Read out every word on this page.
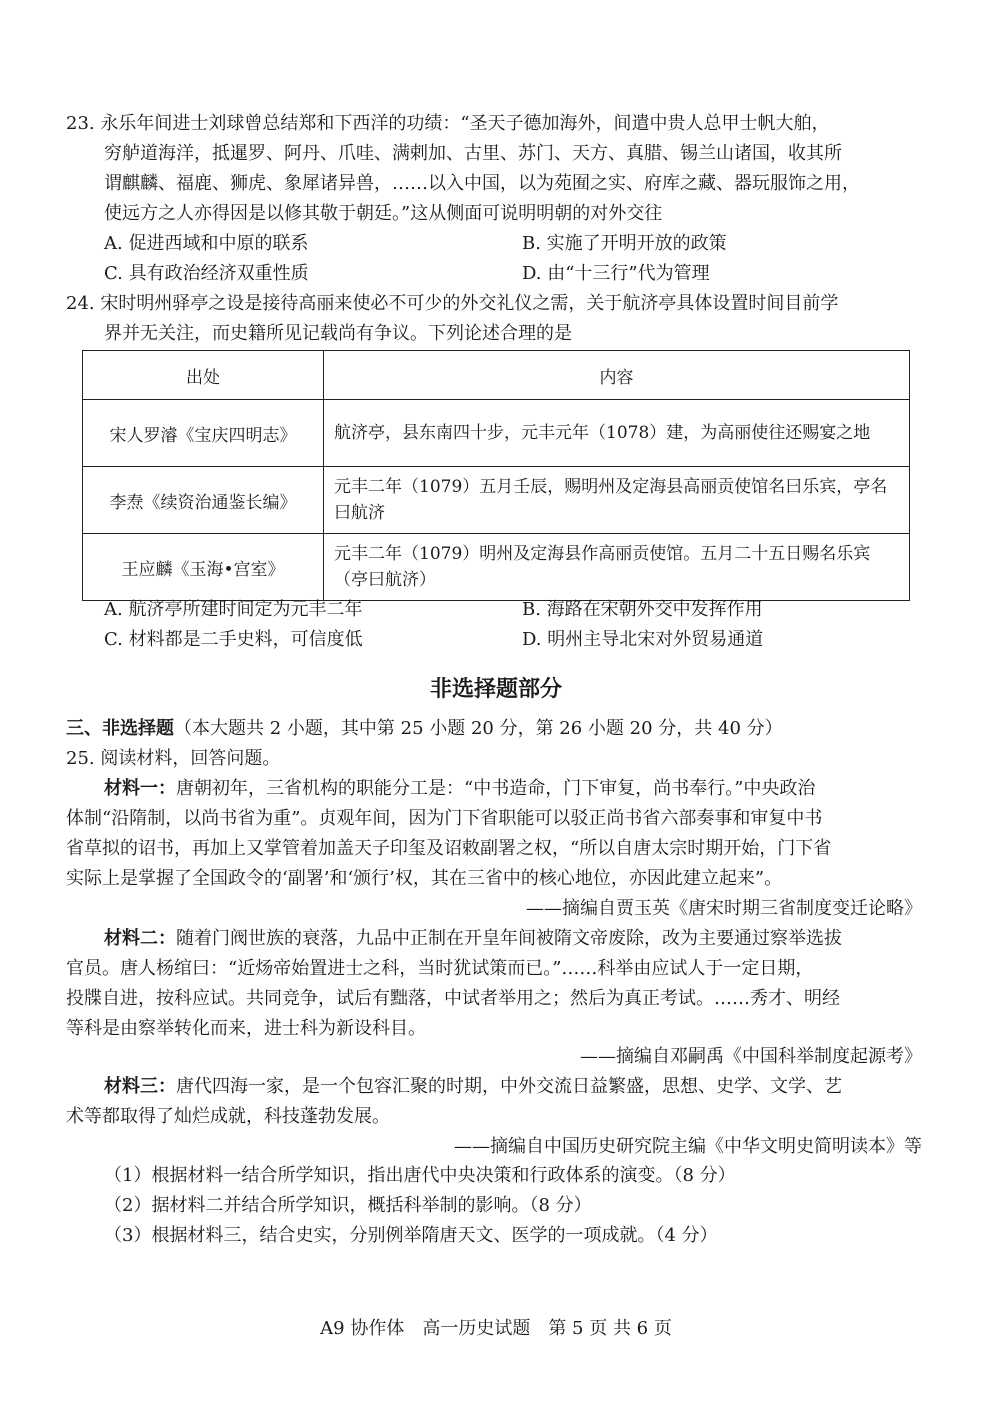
23. 永乐年间进士刘球曾总结郑和下西洋的功绩：“圣天子德加海外，间遣中贵人总甲士帆大舶，
穷舻道海洋，抵暹罗、阿丹、爪哇、满剌加、古里、苏门、天方、真腊、锡兰山诸国，收其所
谓麒麟、福鹿、狮虎、象犀诸异兽，……以入中国，以为苑囿之实、府库之藏、器玩服饰之用，
使远方之人亦得因是以修其敬于朝廷。”这从侧面可说明明朝的对外交往
A. 促进西域和中原的联系	B. 实施了开明开放的政策
C. 具有政治经济双重性质	D. 由“十三行”代为管理
24. 宋时明州驿亭之设是接待高丽来使必不可少的外交礼仪之需，关于航济亭具体设置时间目前学
界并无关注，而史籍所见记载尚有争议。下列论述合理的是
出处	内容
宋人罗濬《宝庆四明志》	航济亭，县东南四十步，元丰元年（1078）建，为高丽使往还赐宴之地
李焘《续资治通鉴长编》	元丰二年（1079）五月壬辰，赐明州及定海县高丽贡使馆名曰乐宾，亭名曰航济
王应麟《玉海•宫室》	元丰二年（1079）明州及定海县作高丽贡使馆。五月二十五日赐名乐宾（亭曰航济）
A. 航济亭所建时间定为元丰二年	B. 海路在宋朝外交中发挥作用
C. 材料都是二手史料，可信度低	D. 明州主导北宋对外贸易通道
非选择题部分
三、非选择题（本大题共 2 小题，其中第 25 小题 20 分，第 26 小题 20 分，共 40 分）
25. 阅读材料，回答问题。
材料一：唐朝初年，三省机构的职能分工是：“中书造命，门下审复，尚书奉行。”中央政治
体制“沿隋制，以尚书省为重”。贞观年间，因为门下省职能可以驳正尚书省六部奏事和审复中书
省草拟的诏书，再加上又掌管着加盖天子印玺及诏敕副署之权，“所以自唐太宗时期开始，门下省
实际上是掌握了全国政令的‘副署’和‘颁行’权，其在三省中的核心地位，亦因此建立起来”。
——摘编自贾玉英《唐宋时期三省制度变迁论略》
材料二：随着门阀世族的衰落，九品中正制在开皇年间被隋文帝废除，改为主要通过察举选拔
官员。唐人杨绾曰：“近炀帝始置进士之科，当时犹试策而已。”……科举由应试人于一定日期，
投牒自进，按科应试。共同竞争，试后有黜落，中试者举用之；然后为真正考试。……秀才、明经
等科是由察举转化而来，进士科为新设科目。
——摘编自邓嗣禹《中国科举制度起源考》
材料三：唐代四海一家，是一个包容汇聚的时期，中外交流日益繁盛，思想、史学、文学、艺
术等都取得了灿烂成就，科技蓬勃发展。
——摘编自中国历史研究院主编《中华文明史简明读本》等
（1）根据材料一结合所学知识，指出唐代中央决策和行政体系的演变。（8 分）
（2）据材料二并结合所学知识，概括科举制的影响。（8 分）
（3）根据材料三，结合史实，分别例举隋唐天文、医学的一项成就。（4 分）
A9 协作体　高一历史试题　第 5 页 共 6 页
